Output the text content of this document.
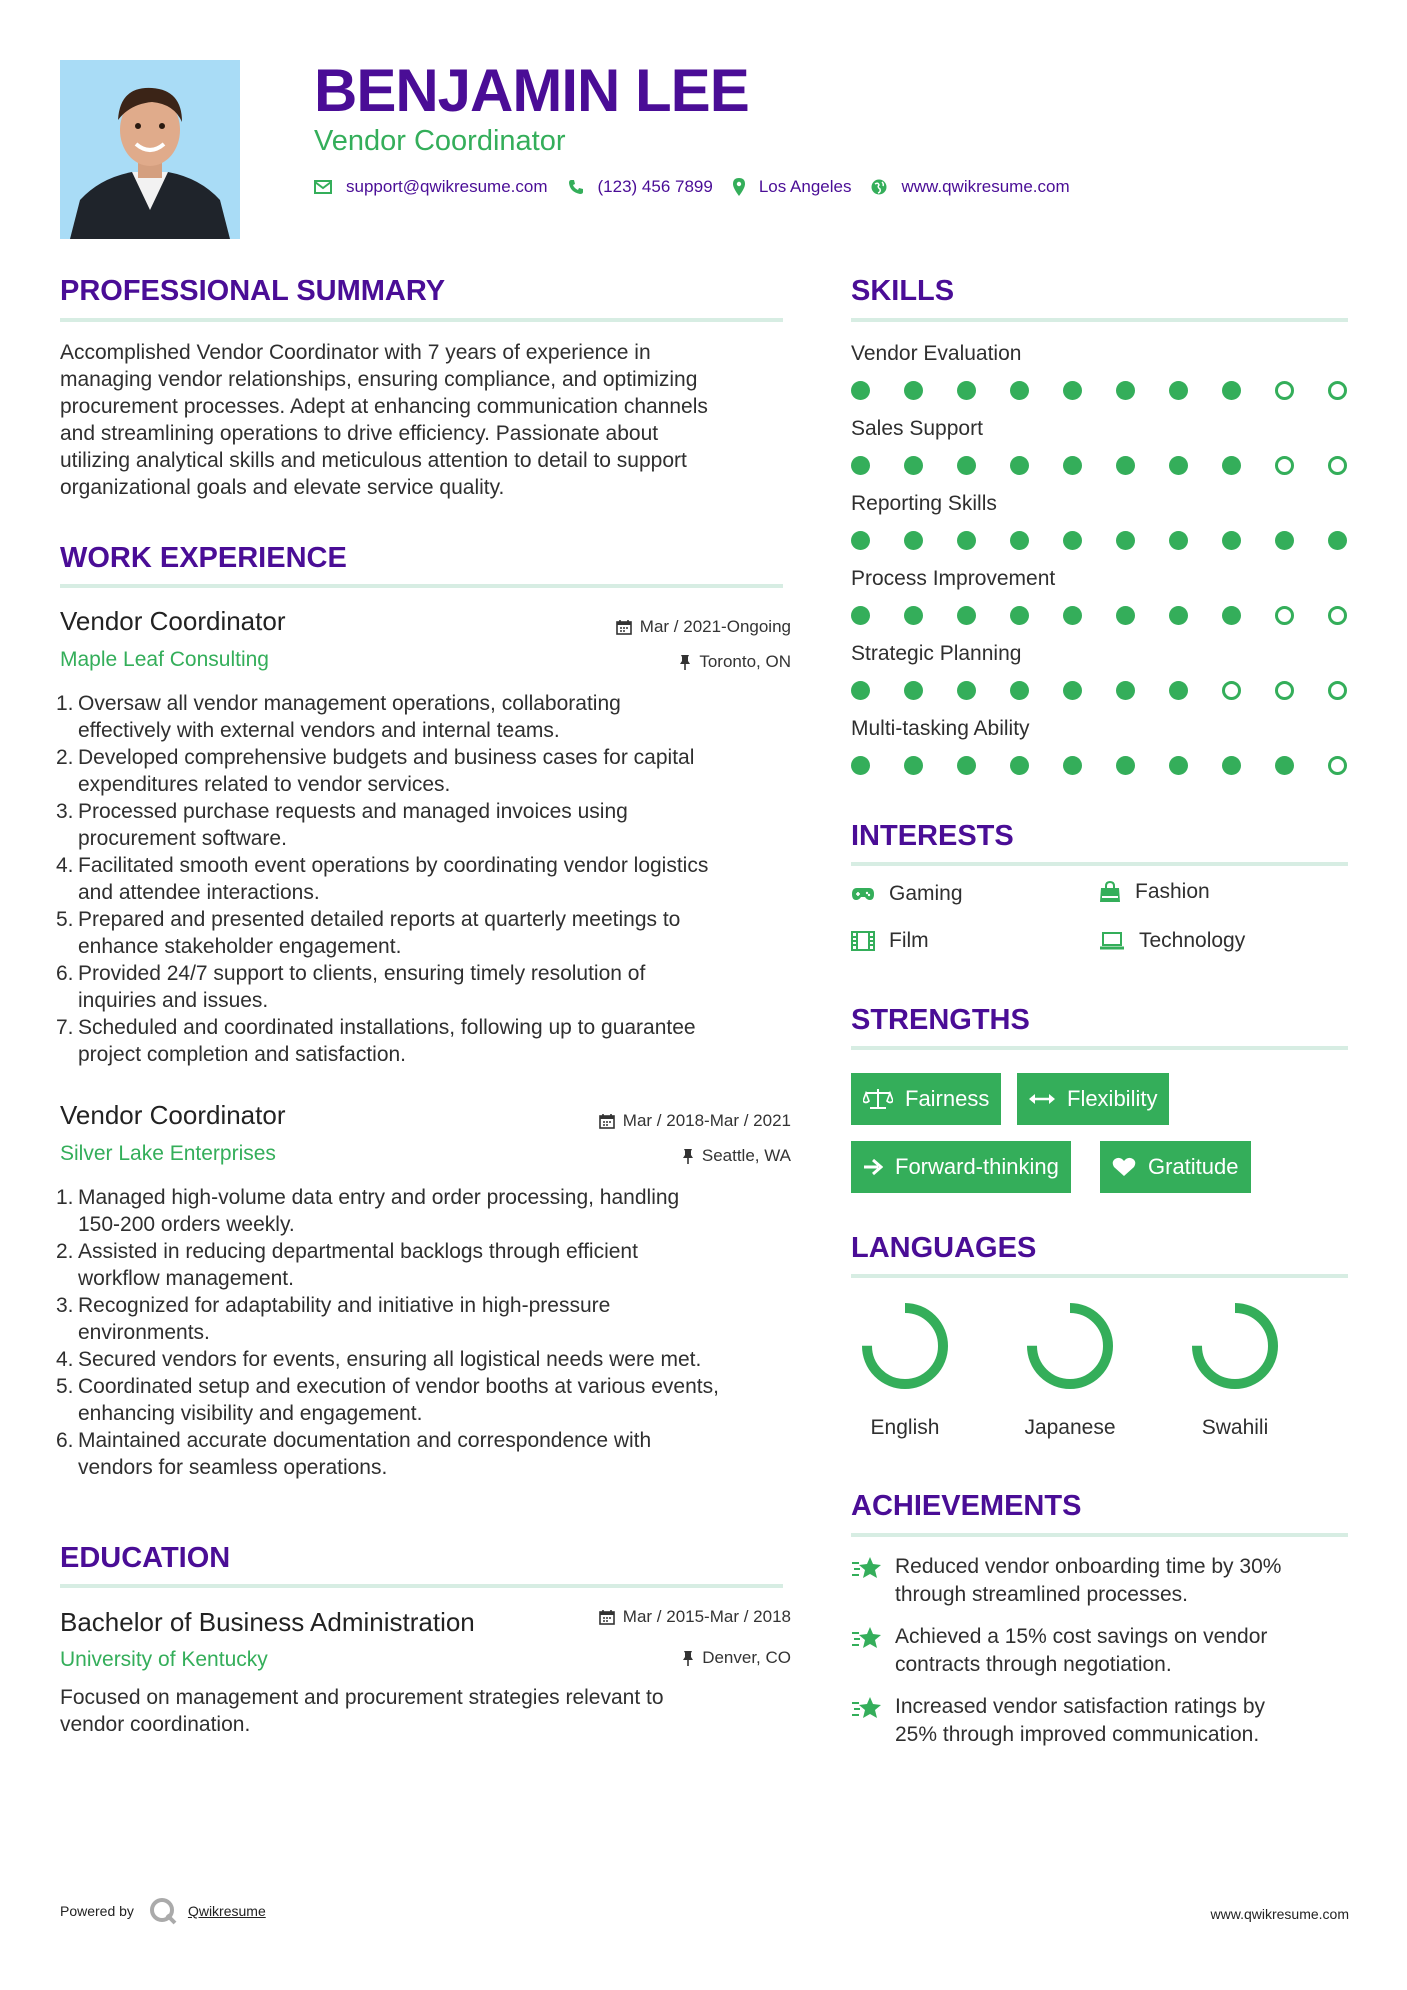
BENJAMIN LEE
Vendor Coordinator
support@qwikresume.com	(123) 456 7899	Los Angeles	www.qwikresume.com
PROFESSIONAL SUMMARY
Accomplished Vendor Coordinator with 7 years of experience in
managing vendor relationships, ensuring compliance, and optimizing
procurement processes. Adept at enhancing communication channels
and streamlining operations to drive efficiency. Passionate about
utilizing analytical skills and meticulous attention to detail to support
organizational goals and elevate service quality.
WORK EXPERIENCE
Vendor Coordinator
Maple Leaf Consulting
Mar / 2021-Ongoing
Toronto, ON
1. Oversaw all vendor management operations, collaborating
effectively with external vendors and internal teams.
2. Developed comprehensive budgets and business cases for capital
expenditures related to vendor services.
3. Processed purchase requests and managed invoices using
procurement software.
4. Facilitated smooth event operations by coordinating vendor logistics
and attendee interactions.
5. Prepared and presented detailed reports at quarterly meetings to
enhance stakeholder engagement.
6. Provided 24/7 support to clients, ensuring timely resolution of
inquiries and issues.
7. Scheduled and coordinated installations, following up to guarantee
project completion and satisfaction.
Vendor Coordinator
Silver Lake Enterprises
Mar / 2018-Mar / 2021
Seattle, WA
1. Managed high-volume data entry and order processing, handling
150-200 orders weekly.
2. Assisted in reducing departmental backlogs through efficient
workflow management.
3. Recognized for adaptability and initiative in high-pressure
environments.
4. Secured vendors for events, ensuring all logistical needs were met.
5. Coordinated setup and execution of vendor booths at various events,
enhancing visibility and engagement.
6. Maintained accurate documentation and correspondence with
vendors for seamless operations.
EDUCATION
Bachelor of Business Administration
University of Kentucky
Mar / 2015-Mar / 2018
Denver, CO
Focused on management and procurement strategies relevant to
vendor coordination.
SKILLS
Vendor Evaluation
Sales Support
Reporting Skills
Process Improvement
Strategic Planning
Multi-tasking Ability
INTERESTS
Gaming	Fashion
Film	Technology
STRENGTHS
Fairness	Flexibility
Forward-thinking	Gratitude
LANGUAGES
English	Japanese	Swahili
ACHIEVEMENTS
Reduced vendor onboarding time by 30%
through streamlined processes.
Achieved a 15% cost savings on vendor
contracts through negotiation.
Increased vendor satisfaction ratings by
25% through improved communication.
Powered by	Qwikresume	www.qwikresume.com
